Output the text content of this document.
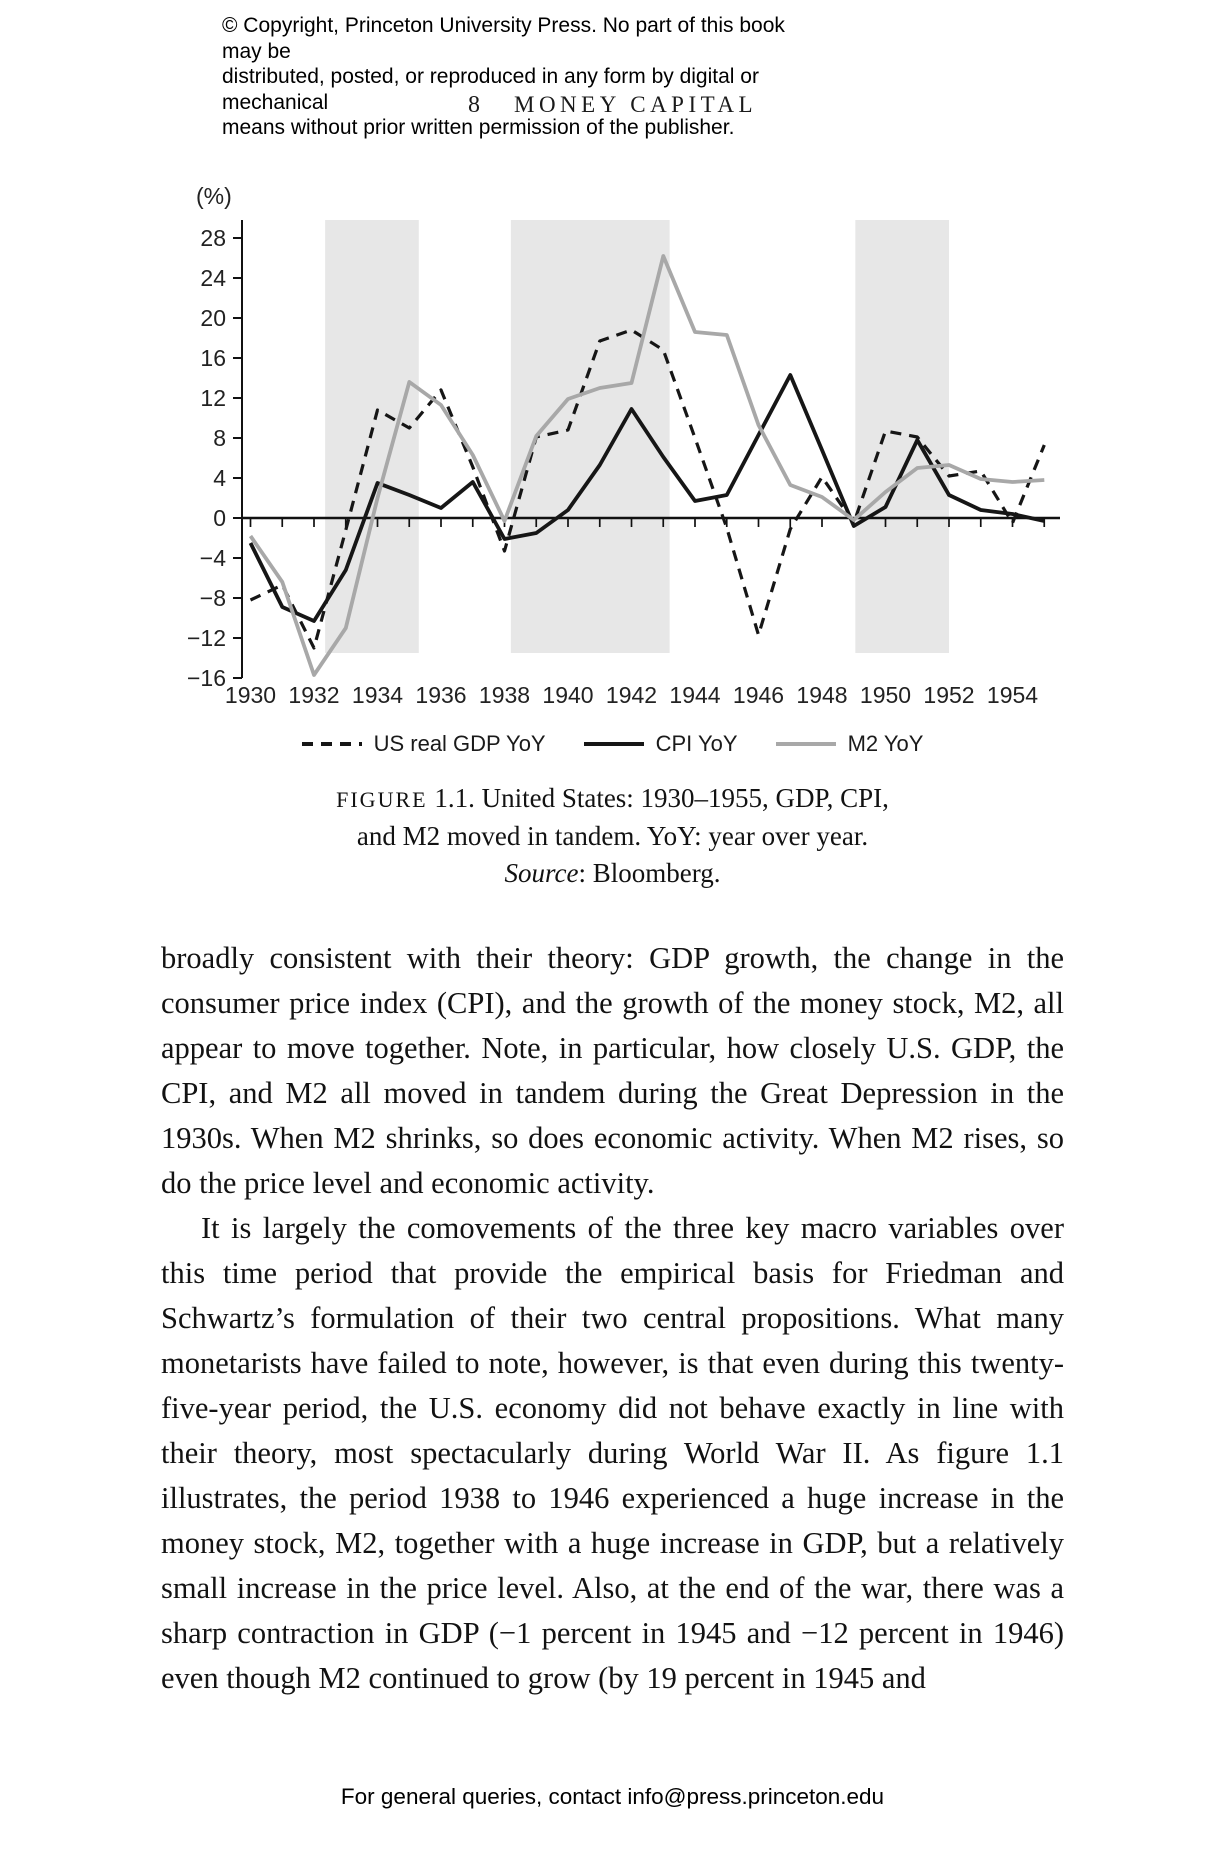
© Copyright, Princeton University Press. No part of this book may be
distributed, posted, or reproduced in any form by digital or mechanical
means without prior written permission of the publisher.
8 MONEY CAPITAL
28
24
20
16
12
8
4
0
−4
−8
−12
−16
(%)
1930 1932 1934 1936 1938 1940 1942 1944 1946 1948 1950 1952 1954
US real GDP YoY	CPI YoY	M2 YoY
FIGURE 1.1. United States: 1930–1955, GDP, CPI,
and M2 moved in tandem. YoY: year over year.
Source: Bloomberg.

broadly consistent with their theory: GDP growth, the change in the consumer price index (CPI), and the growth of the money stock, M2, all appear to move together. Note, in particular, how closely U.S. GDP, the CPI, and M2 all moved in tandem during the Great Depression in the 1930s. When M2 shrinks, so does economic activity. When M2 rises, so do the price level and economic activity.

It is largely the comovements of the three key macro variables over this time period that provide the empirical basis for Friedman and Schwartz’s formulation of their two central propositions. What many monetarists have failed to note, however, is that even during this twenty-five-year period, the U.S. economy did not behave exactly in line with their theory, most spectacularly during World War II. As figure 1.1 illustrates, the period 1938 to 1946 experienced a huge increase in the money stock, M2, together with a huge increase in GDP, but a relatively small increase in the price level. Also, at the end of the war, there was a sharp contraction in GDP (−1 percent in 1945 and −12 percent in 1946) even though M2 continued to grow (by 19 percent in 1945 and

For general queries, contact info@press.princeton.edu
